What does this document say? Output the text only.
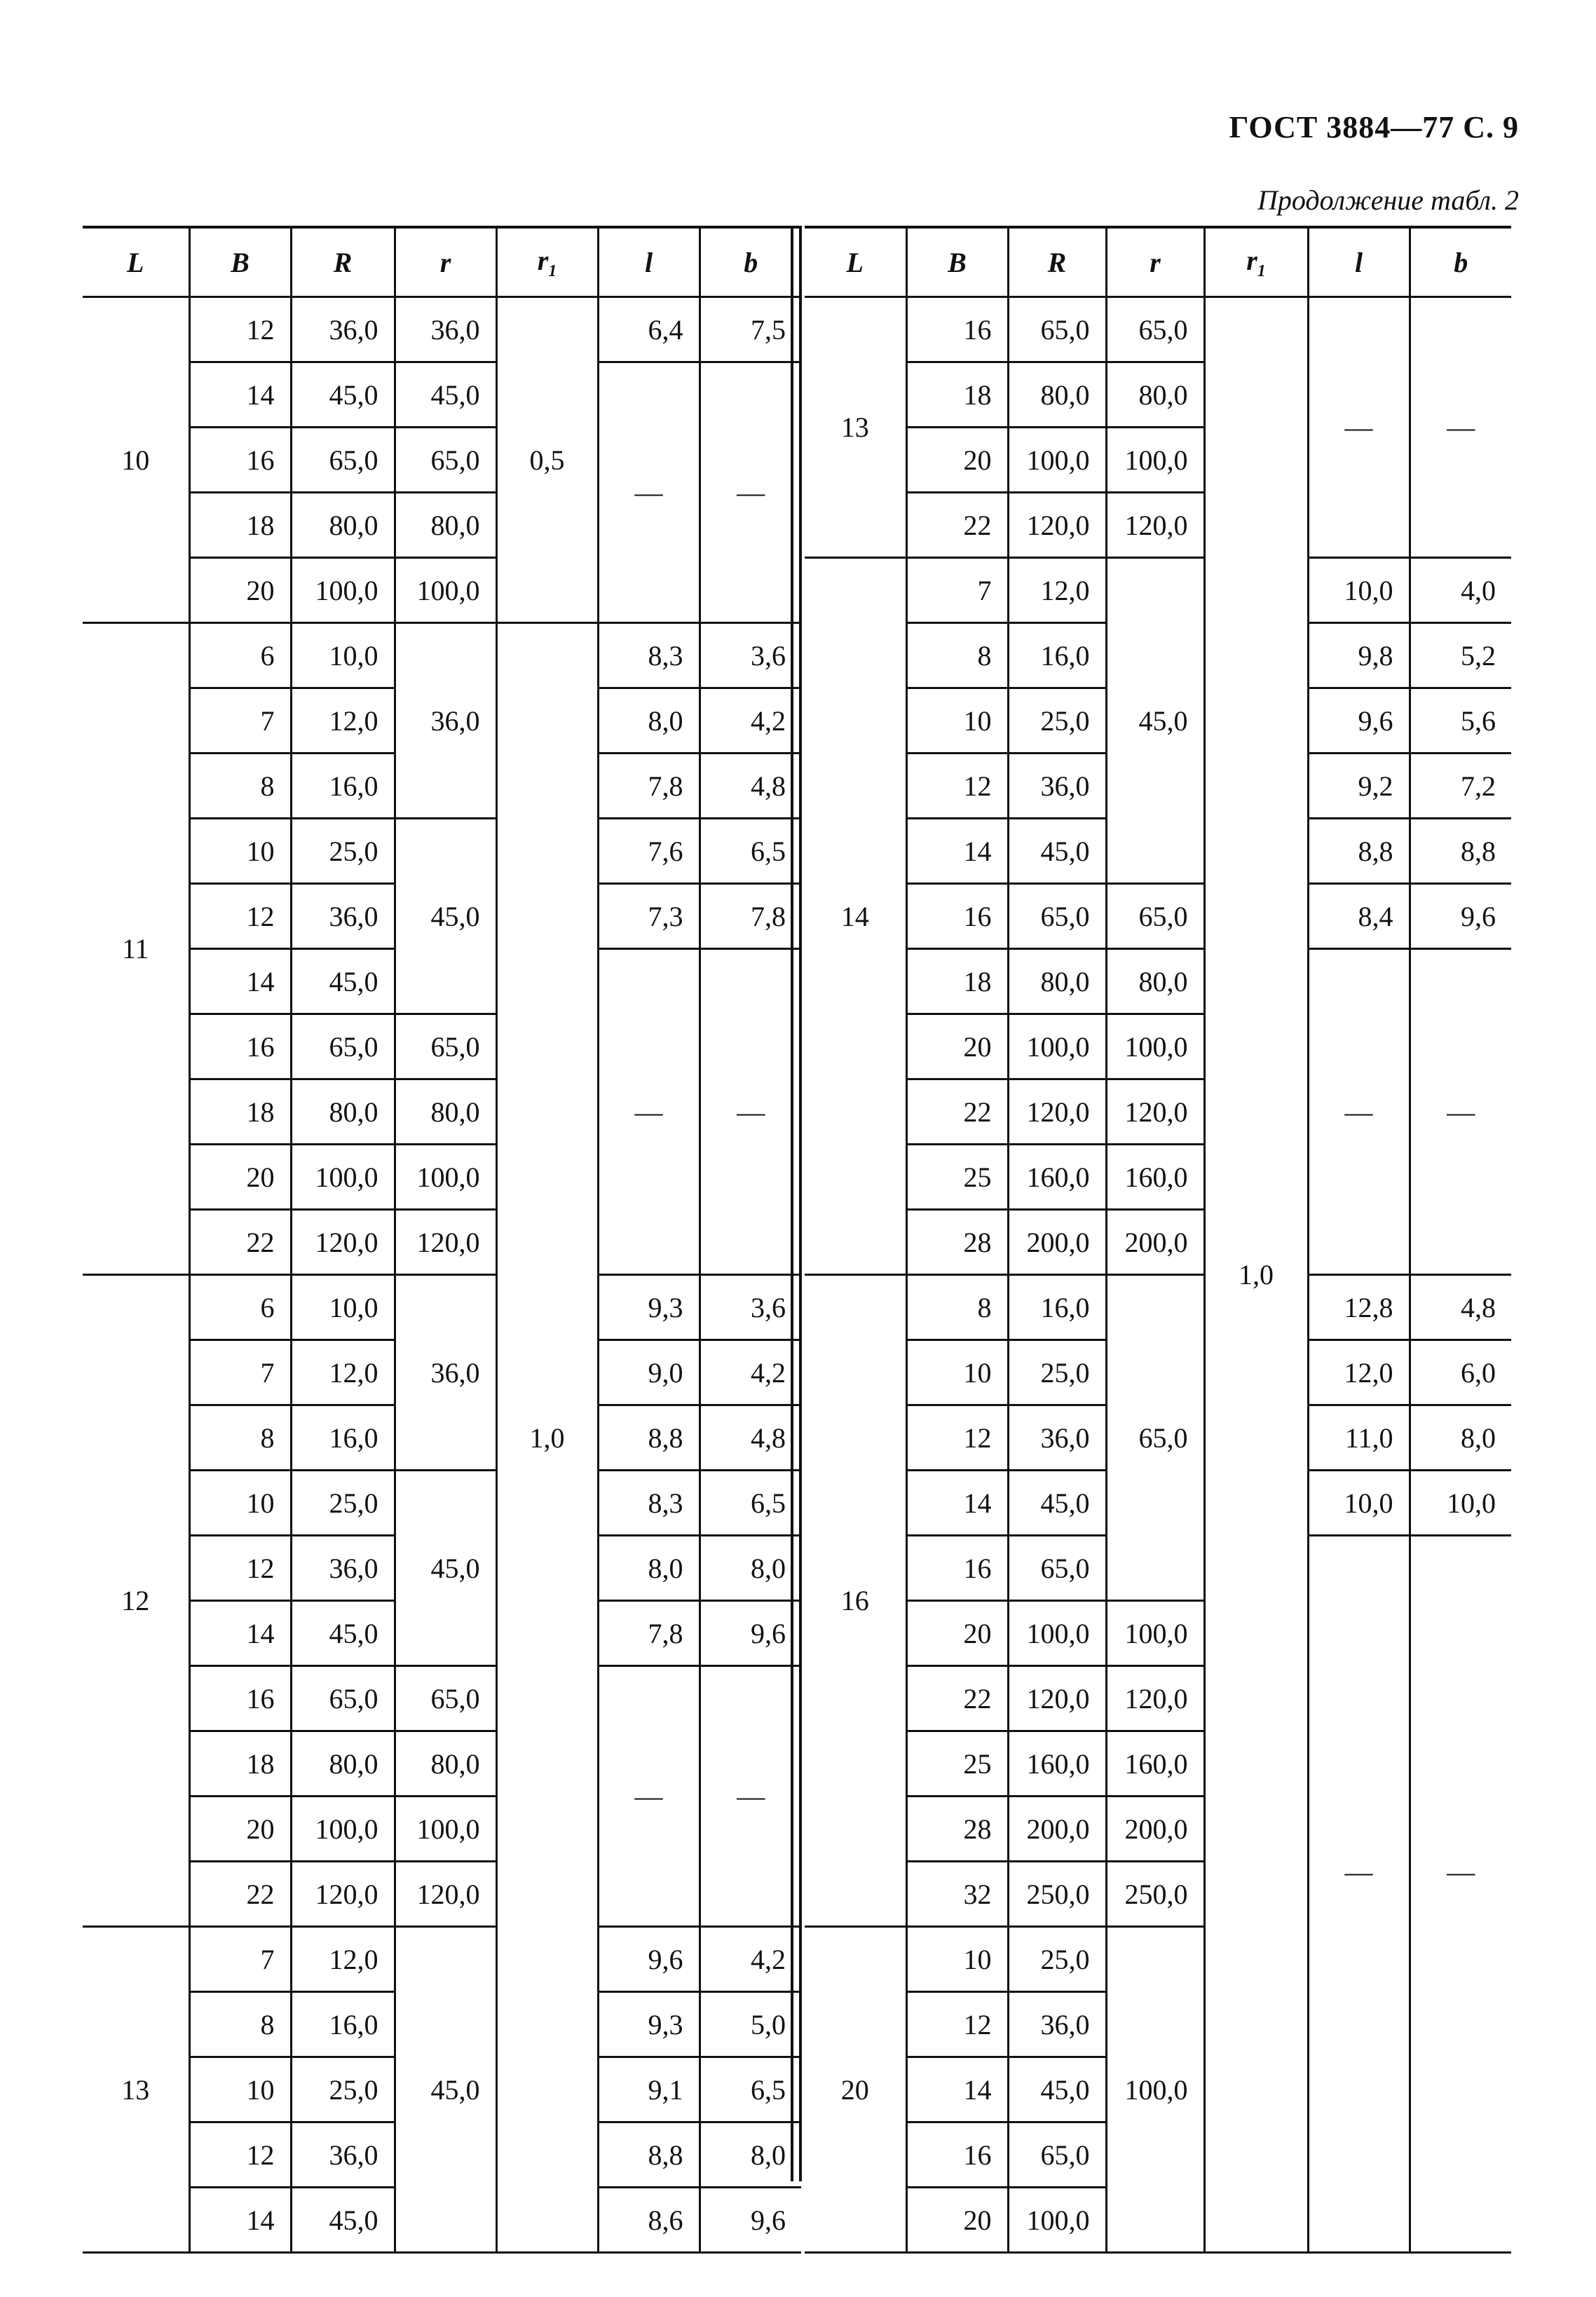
ГОСТ 3884—77 С. 9
Продолжение табл. 2
L	B	R	r	$r_1$	l	b
10	12	36,0	36,0	0,5	6,4	7,5
	14	45,0	45,0		—	—
	16	65,0	65,0			
	18	80,0	80,0			
	20	100,0	100,0			
11	6	10,0	36,0	1,0	8,3	3,6
	7	12,0			8,0	4,2
	8	16,0			7,8	4,8
	10	25,0	45,0		7,6	6,5
	12	36,0			7,3	7,8
	14	45,0			—	—
	16	65,0	65,0			
	18	80,0	80,0			
	20	100,0	100,0			
	22	120,0	120,0			
12	6	10,0	36,0		9,3	3,6
	7	12,0			9,0	4,2
	8	16,0			8,8	4,8
	10	25,0	45,0		8,3	6,5
	12	36,0			8,0	8,0
	14	45,0			7,8	9,6
	16	65,0	65,0		—	—
	18	80,0	80,0			
	20	100,0	100,0			
	22	120,0	120,0			
13	7	12,0	45,0		9,6	4,2
	8	16,0			9,3	5,0
	10	25,0			9,1	6,5
	12	36,0			8,8	8,0
	14	45,0			8,6	9,6
L	B	R	r	$r_1$	l	b
13	16	65,0	65,0	1,0	—	—
	18	80,0	80,0			
	20	100,0	100,0			
	22	120,0	120,0			
14	7	12,0	45,0		10,0	4,0
	8	16,0			9,8	5,2
	10	25,0			9,6	5,6
	12	36,0			9,2	7,2
	14	45,0			8,8	8,8
	16	65,0	65,0		8,4	9,6
	18	80,0	80,0		—	—
	20	100,0	100,0			
	22	120,0	120,0			
	25	160,0	160,0			
	28	200,0	200,0			
16	8	16,0	65,0		12,8	4,8
	10	25,0			12,0	6,0
	12	36,0			11,0	8,0
	14	45,0			10,0	10,0
	16	65,0			—	—
	20	100,0	100,0			
	22	120,0	120,0			
	25	160,0	160,0			
	28	200,0	200,0			
	32	250,0	250,0			
20	10	25,0	100,0			
	12	36,0				
	14	45,0				
	16	65,0				
	20	100,0				
